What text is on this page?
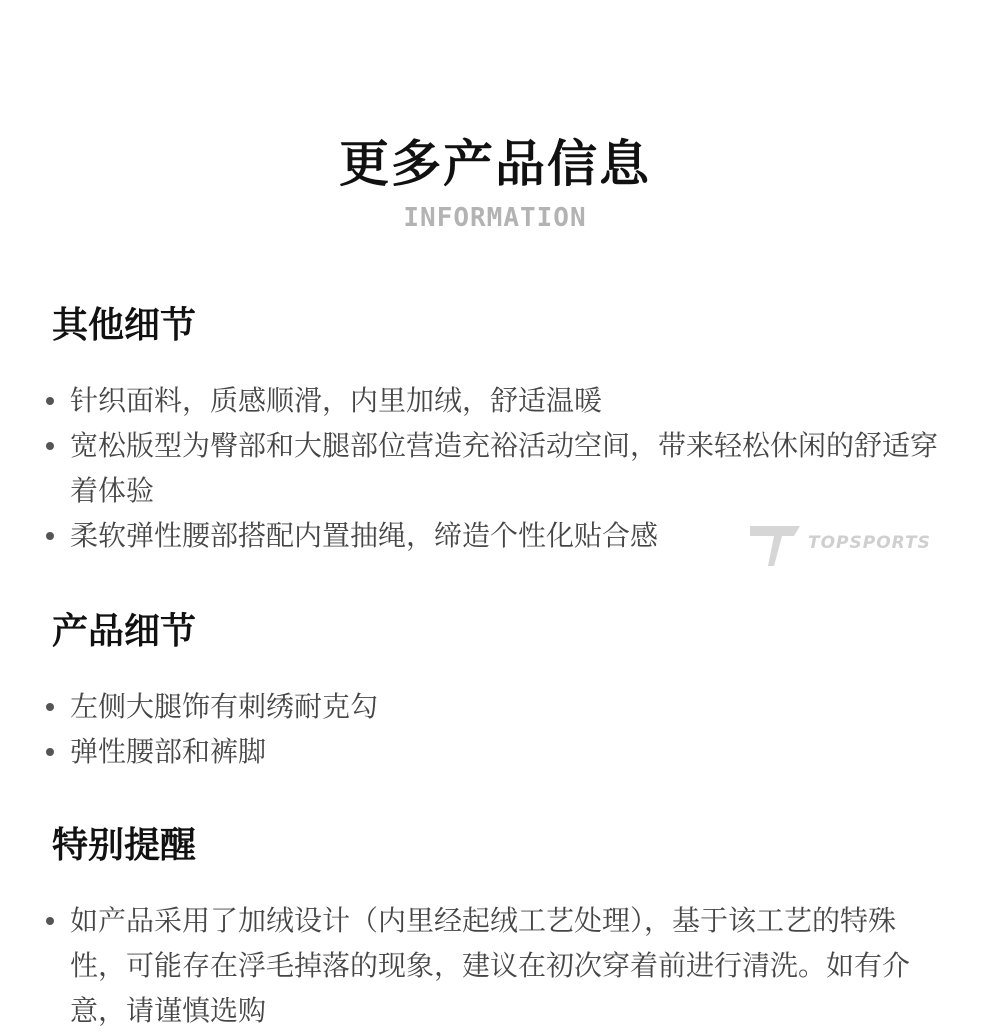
更多产品信息
INFORMATION
其他细节
针织面料，质感顺滑，内里加绒，舒适温暖
宽松版型为臀部和大腿部位营造充裕活动空间，带来轻松休闲的舒适穿着体验
柔软弹性腰部搭配内置抽绳，缔造个性化贴合感	TOPSPORTS
产品细节
左侧大腿饰有刺绣耐克勾
弹性腰部和裤脚
特别提醒
如产品采用了加绒设计（内里经起绒工艺处理），基于该工艺的特殊性，可能存在浮毛掉落的现象，建议在初次穿着前进行清洗。如有介意，请谨慎选购
